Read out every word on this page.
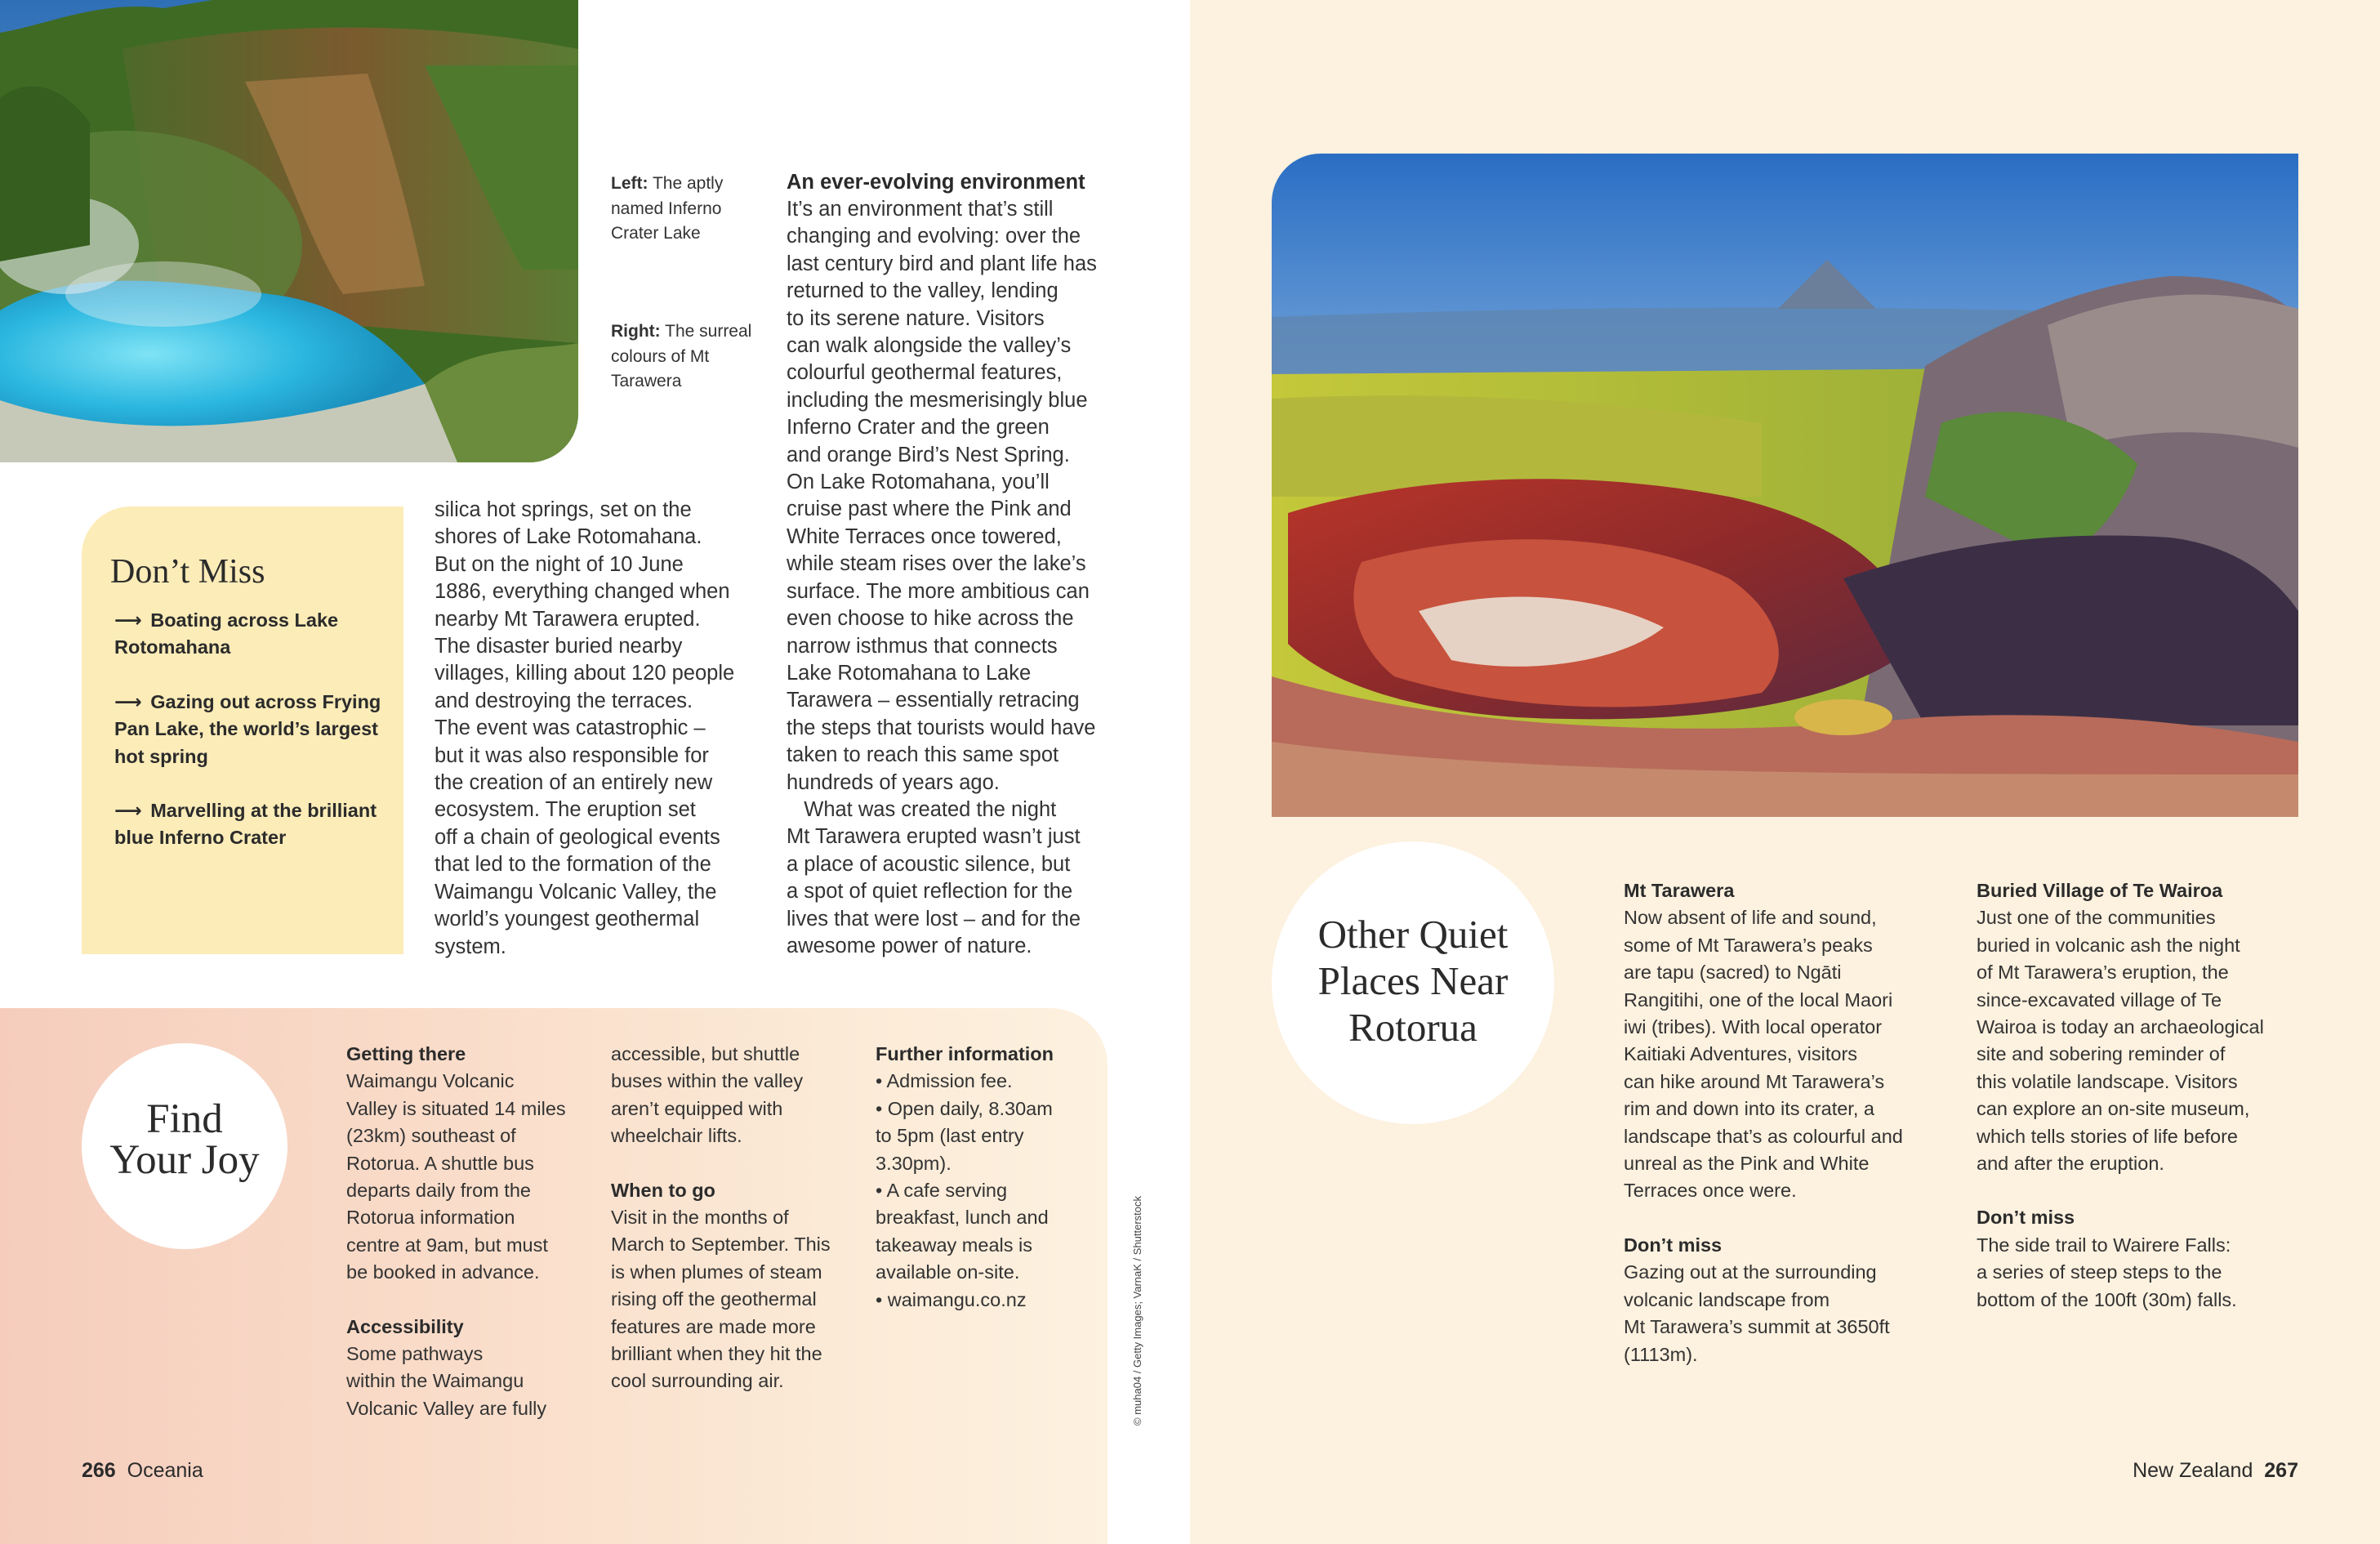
Left: The aptly named Inferno Crater Lake
Right: The surreal colours of Mt Tarawera
Don’t Miss
⟶ Boating across Lake Rotomahana
⟶ Gazing out across Frying Pan Lake, the world’s largest hot spring
⟶ Marvelling at the brilliant blue Inferno Crater
silica hot springs, set on the
shores of Lake Rotomahana.
But on the night of 10 June
1886, everything changed when
nearby Mt Tarawera erupted.
The disaster buried nearby
villages, killing about 120 people
and destroying the terraces.
The event was catastrophic –
but it was also responsible for
the creation of an entirely new
ecosystem. The eruption set
off a chain of geological events
that led to the formation of the
Waimangu Volcanic Valley, the
world’s youngest geothermal
system.
An ever-evolving environment
It’s an environment that’s still
changing and evolving: over the
last century bird and plant life has
returned to the valley, lending
to its serene nature. Visitors
can walk alongside the valley’s
colourful geothermal features,
including the mesmerisingly blue
Inferno Crater and the green
and orange Bird’s Nest Spring.
On Lake Rotomahana, you’ll
cruise past where the Pink and
White Terraces once towered,
while steam rises over the lake’s
surface. The more ambitious can
even choose to hike across the
narrow isthmus that connects
Lake Rotomahana to Lake
Tarawera – essentially retracing
the steps that tourists would have
taken to reach this same spot
hundreds of years ago.
What was created the night
Mt Tarawera erupted wasn’t just
a place of acoustic silence, but
a spot of quiet reflection for the
lives that were lost – and for the
awesome power of nature.
Find
Your Joy
Getting there
Waimangu Volcanic
Valley is situated 14 miles
(23km) southeast of
Rotorua. A shuttle bus
departs daily from the
Rotorua information
centre at 9am, but must
be booked in advance.
Accessibility
Some pathways
within the Waimangu
Volcanic Valley are fully
accessible, but shuttle
buses within the valley
aren’t equipped with
wheelchair lifts.
When to go
Visit in the months of
March to September. This
is when plumes of steam
rising off the geothermal
features are made more
brilliant when they hit the
cool surrounding air.
Further information
• Admission fee.
• Open daily, 8.30am
to 5pm (last entry
3.30pm).
• A cafe serving
breakfast, lunch and
takeaway meals is
available on-site.
• waimangu.co.nz	© muha04 / Getty Images; VarnaK / Shutterstock
Other Quiet
Places Near
Rotorua
Mt Tarawera
Now absent of life and sound,
some of Mt Tarawera’s peaks
are tapu (sacred) to Ngāti
Rangitihi, one of the local Maori
iwi (tribes). With local operator
Kaitiaki Adventures, visitors
can hike around Mt Tarawera’s
rim and down into its crater, a
landscape that’s as colourful and
unreal as the Pink and White
Terraces once were.
Don’t miss
Gazing out at the surrounding
volcanic landscape from
Mt Tarawera’s summit at 3650ft
(1113m).
Buried Village of Te Wairoa
Just one of the communities
buried in volcanic ash the night
of Mt Tarawera’s eruption, the
since-excavated village of Te
Wairoa is today an archaeological
site and sobering reminder of
this volatile landscape. Visitors
can explore an on-site museum,
which tells stories of life before
and after the eruption.
Don’t miss
The side trail to Wairere Falls:
a series of steep steps to the
bottom of the 100ft (30m) falls.
266 Oceania	New Zealand 267
